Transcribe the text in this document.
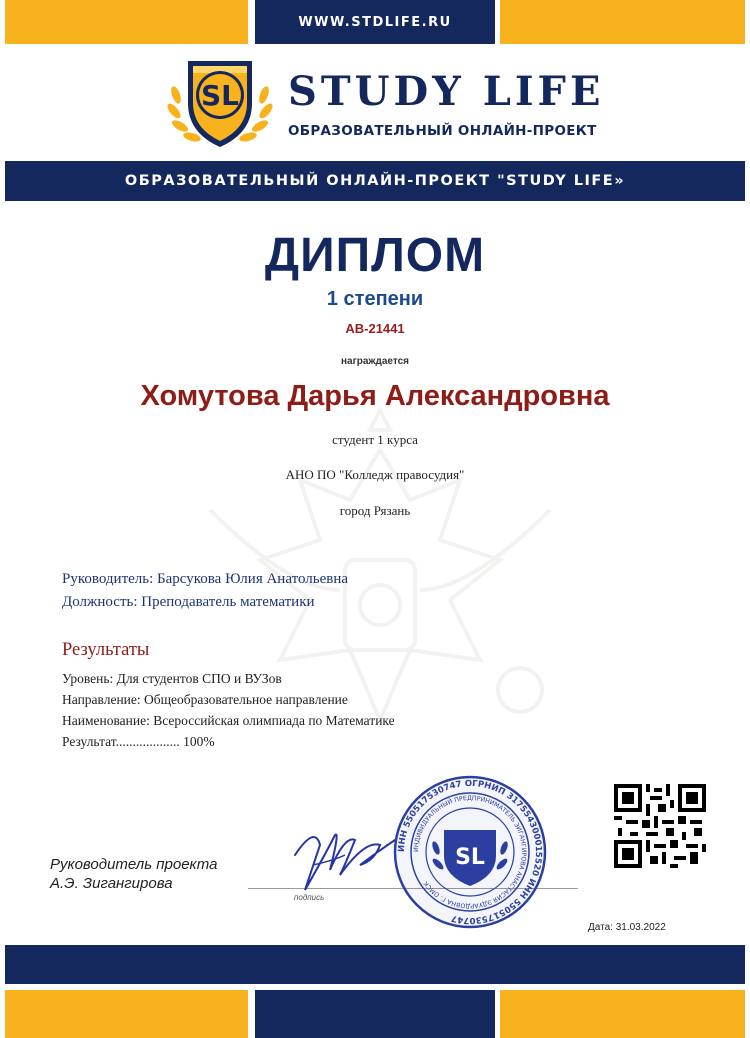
WWW.STDLIFE.RU
SL STUDY LIFE
ОБРАЗОВАТЕЛЬНЫЙ ОНЛАЙН-ПРОЕКТ
ОБРАЗОВАТЕЛЬНЫЙ ОНЛАЙН-ПРОЕКТ "STUDY LIFE»
ДИПЛОМ
1 степени
АВ-21441
награждается
Хомутова Дарья Александровна
студент 1 курса
АНО ПО "Колледж правосудия"
город Рязань
Руководитель: Барсукова Юлия Анатольевна
Должность: Преподаватель математики
Результаты
Уровень: Для студентов СПО и ВУЗов
Направление: Общеобразовательное направление
Наименование: Всероссийская олимпиада по Математике
Результат................... 100%
Руководитель проекта
А.Э. Зигангирова
подпись
ИНН 550517530747 ОГРНИП 317554300015520 ИНН 550517530747
ИНДИВИДУАЛЬНЫЙ ПРЕДПРИНИМАТЕЛЬ ЗИГАНГИРОВА АНАСТАСИЯ ЭДУАРДОВНА Г. ОМСК
SL
Дата: 31.03.2022
